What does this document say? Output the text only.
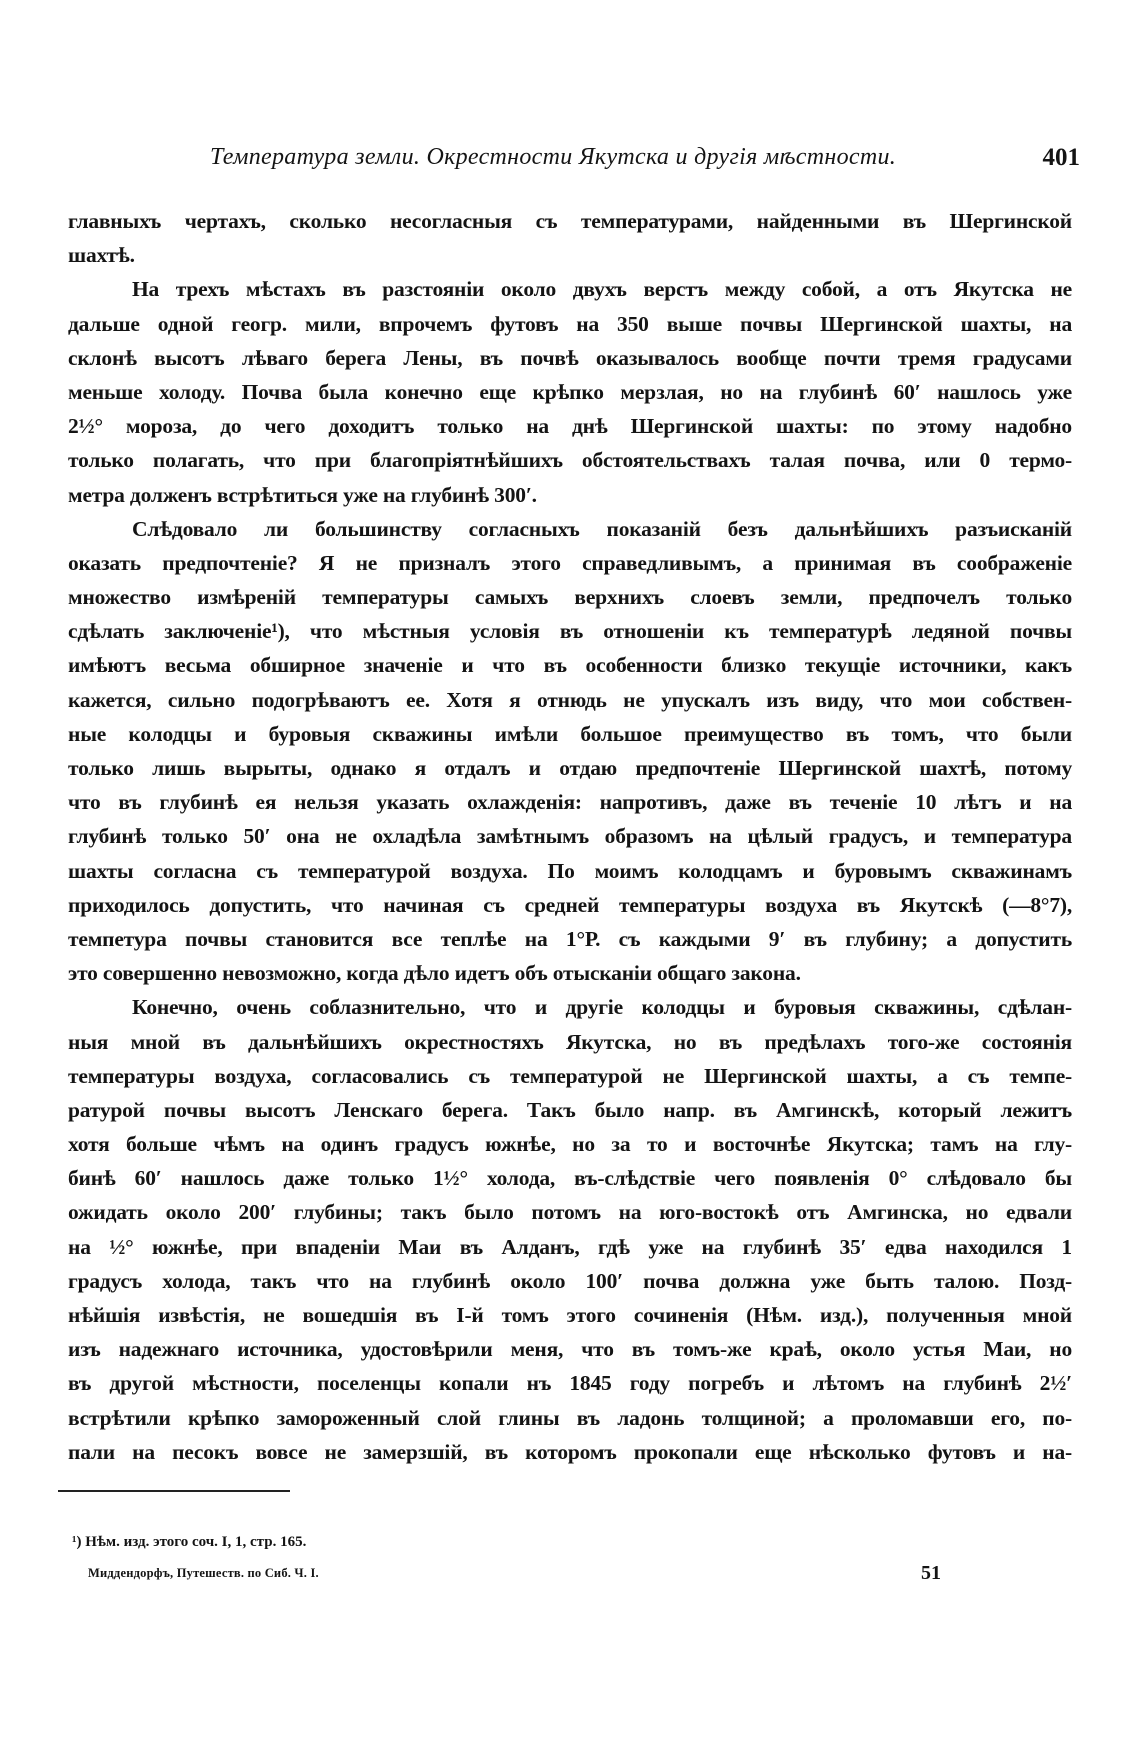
Температура земли. Окрестности Якутска и другія мѣстности.	401
главныхъ чертахъ, сколько несогласныя съ температурами, найденными въ Шергинской
шахтѣ.
На трехъ мѣстахъ въ разстояніи около двухъ верстъ между собой, а отъ Якутска не
дальше одной геогр. мили, впрочемъ футовъ на 350 выше почвы Шергинской шахты, на
склонѣ высотъ лѣваго берега Лены, въ почвѣ оказывалось вообще почти тремя градусами
меньше холоду. Почва была конечно еще крѣпко мерзлая, но на глубинѣ 60′ нашлось уже
2½° мороза, до чего доходитъ только на днѣ Шергинской шахты: по этому надобно
только полагать, что при благопріятнѣйшихъ обстоятельствахъ талая почва, или 0 термо-
метра долженъ встрѣтиться уже на глубинѣ 300′.
Слѣдовало ли большинству согласныхъ показаній безъ дальнѣйшихъ разъисканій
оказать предпочтеніе? Я не призналъ этого справедливымъ, а принимая въ соображеніе
множество измѣреній температуры самыхъ верхнихъ слоевъ земли, предпочелъ только
сдѣлать заключеніе¹), что мѣстныя условія въ отношеніи къ температурѣ ледяной почвы
имѣютъ весьма обширное значеніе и что въ особенности близко текущіе источники, какъ
кажется, сильно подогрѣваютъ ее. Хотя я отнюдь не упускалъ изъ виду, что мои собствен-
ные колодцы и буровыя скважины имѣли большое преимущество въ томъ, что были
только лишь вырыты, однако я отдалъ и отдаю предпочтеніе Шергинской шахтѣ, потому
что въ глубинѣ ея нельзя указать охлажденія: напротивъ, даже въ теченіе 10 лѣтъ и на
глубинѣ только 50′ она не охладѣла замѣтнымъ образомъ на цѣлый градусъ, и температура
шахты согласна съ температурой воздуха. По моимъ колодцамъ и буровымъ скважинамъ
приходилось допустить, что начиная съ средней температуры воздуха въ Якутскѣ (—8°7),
темпетура почвы становится все теплѣе на 1°Р. съ каждыми 9′ въ глубину; а допустить
это совершенно невозможно, когда дѣло идетъ объ отысканіи общаго закона.
Конечно, очень соблазнительно, что и другіе колодцы и буровыя скважины, сдѣлан-
ныя мной въ дальнѣйшихъ окрестностяхъ Якутска, но въ предѣлахъ того-же состоянія
температуры воздуха, согласовались съ температурой не Шергинской шахты, а съ темпе-
ратурой почвы высотъ Ленскаго берега. Такъ было напр. въ Амгинскѣ, который лежитъ
хотя больше чѣмъ на одинъ градусъ южнѣе, но за то и восточнѣе Якутска; тамъ на глу-
бинѣ 60′ нашлось даже только 1½° холода, въ-слѣдствіе чего появленія 0° слѣдовало бы
ожидать около 200′ глубины; такъ было потомъ на юго-востокѣ отъ Амгинска, но едвали
на ½° южнѣе, при впаденіи Маи въ Алданъ, гдѣ уже на глубинѣ 35′ едва находился 1
градусъ холода, такъ что на глубинѣ около 100′ почва должна уже быть талою. Позд-
нѣйшія извѣстія, не вошедшія въ I-й томъ этого сочиненія (Нѣм. изд.), полученныя мной
изъ надежнаго источника, удостовѣрили меня, что въ томъ-же краѣ, около устья Маи, но
въ другой мѣстности, поселенцы копали нъ 1845 году погребъ и лѣтомъ на глубинѣ 2½′
встрѣтили крѣпко замороженный слой глины въ ладонь толщиной; а проломавши его, по-
пали на песокъ вовсе не замерзшій, въ которомъ прокопали еще нѣсколько футовъ и на-
¹) Нѣм. изд. этого соч. I, 1, стр. 165.
Миддендорфъ, Путешеств. по Сиб. Ч. I.	51
